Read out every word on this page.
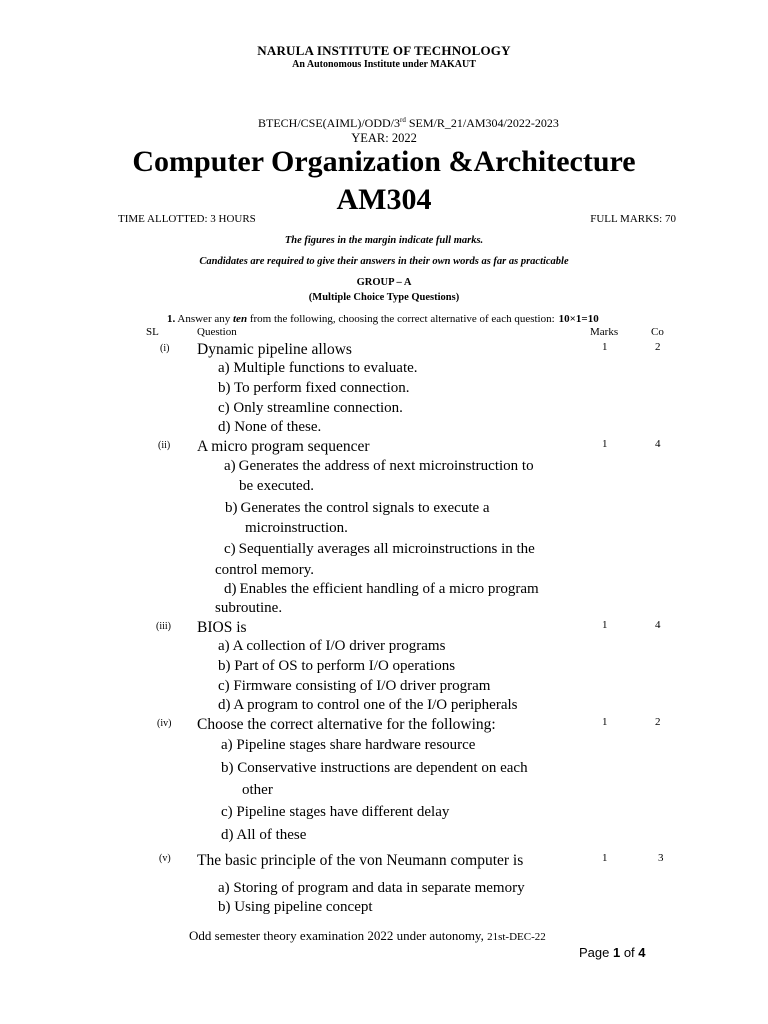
NARULA INSTITUTE OF TECHNOLOGY
An Autonomous Institute under MAKAUT
BTECH/CSE(AIML)/ODD/3rd SEM/R_21/AM304/2022-2023
YEAR: 2022
Computer Organization &Architecture
AM304
TIME ALLOTTED: 3 HOURS	FULL MARKS: 70
The figures in the margin indicate full marks.
Candidates are required to give their answers in their own words as far as practicable
GROUP – A
(Multiple Choice Type Questions)
1. Answer any ten from the following, choosing the correct alternative of each question: 10×1=10
SL	Question	Marks	Co
(i) Dynamic pipeline allows	1	2
a) Multiple functions to evaluate.
b) To perform fixed connection.
c) Only streamline connection.
d) None of these.
(ii) A micro program sequencer	1	4
a) Generates the address of next microinstruction to
be executed.
b) Generates the control signals to execute a
microinstruction.
c) Sequentially averages all microinstructions in the
control memory.
d) Enables the efficient handling of a micro program
subroutine.
(iii) BIOS is	1	4
a) A collection of I/O driver programs
b) Part of OS to perform I/O operations
c) Firmware consisting of I/O driver program
d) A program to control one of the I/O peripherals
(iv) Choose the correct alternative for the following:	1	2
a) Pipeline stages share hardware resource
b) Conservative instructions are dependent on each
other
c) Pipeline stages have different delay
d) All of these
(v) The basic principle of the von Neumann computer is	1	3
a) Storing of program and data in separate memory
b) Using pipeline concept
Odd semester theory examination 2022 under autonomy, 21st-DEC-22
Page 1 of 4
